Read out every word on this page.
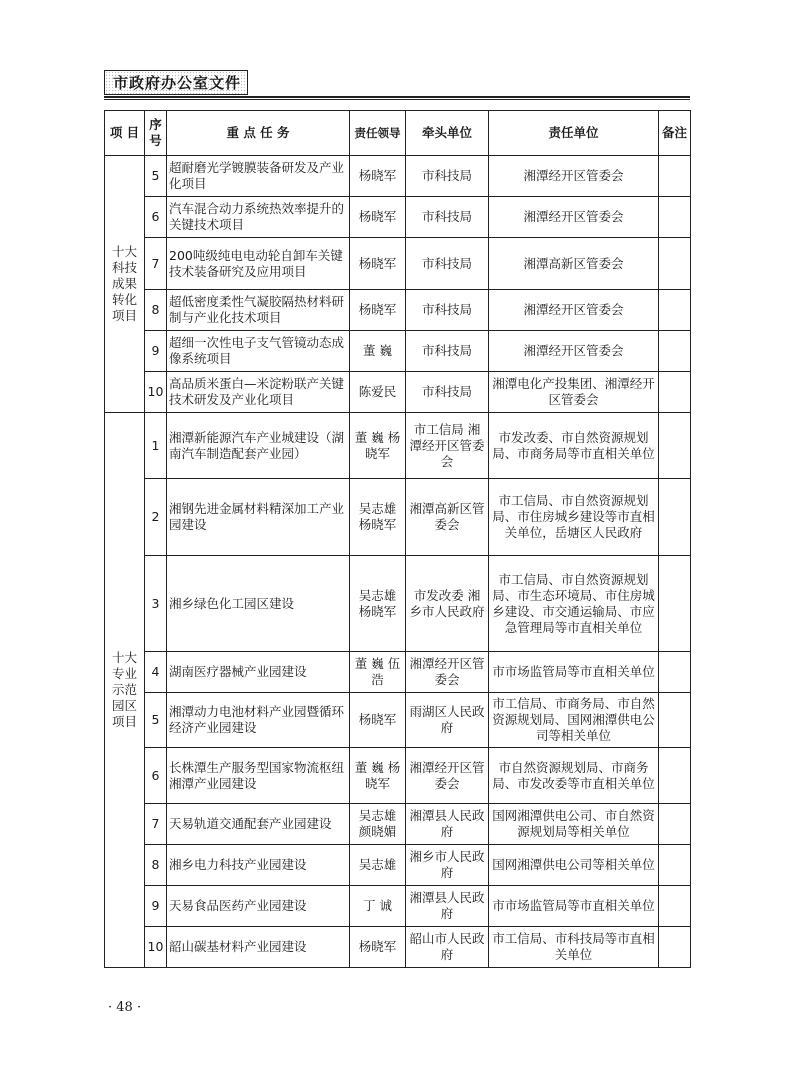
市政府办公室文件
项 目	序号	重 点 任 务	责任领导	牵头单位	责任单位	备注
十大科技成果转化项目	5	超耐磨光学镀膜装备研发及产业化项目	杨晓军	市科技局	湘潭经开区管委会	
	6	汽车混合动力系统热效率提升的关键技术项目	杨晓军	市科技局	湘潭经开区管委会	
	7	200吨级纯电电动轮自卸车关键技术装备研究及应用项目	杨晓军	市科技局	湘潭高新区管委会	
	8	超低密度柔性气凝胶隔热材料研制与产业化技术项目	杨晓军	市科技局	湘潭经开区管委会	
	9	超细一次性电子支气管镜动态成像系统项目	董 巍	市科技局	湘潭经开区管委会	
	10	高品质米蛋白—米淀粉联产关键技术研发及产业化项目	陈爱民	市科技局	湘潭电化产投集团、湘潭经开区管委会	
十大专业示范园区项目	1	湘潭新能源汽车产业城建设（湖南汽车制造配套产业园）	董 巍 杨晓军	市工信局 湘潭经开区管委会	市发改委、市自然资源规划局、市商务局等市直相关单位	
	2	湘钢先进金属材料精深加工产业园建设	吴志雄 杨晓军	湘潭高新区管委会	市工信局、市自然资源规划局、市住房城乡建设等市直相关单位，岳塘区人民政府	
	3	湘乡绿色化工园区建设	吴志雄 杨晓军	市发改委 湘乡市人民政府	市工信局、市自然资源规划局、市生态环境局、市住房城乡建设、市交通运输局、市应急管理局等市直相关单位	
	4	湖南医疗器械产业园建设	董 巍 伍 浩	湘潭经开区管委会	市市场监管局等市直相关单位	
	5	湘潭动力电池材料产业园暨循环经济产业园建设	杨晓军	雨湖区人民政府	市工信局、市商务局、市自然资源规划局、国网湘潭供电公司等相关单位	
	6	长株潭生产服务型国家物流枢纽湘潭产业园建设	董 巍 杨晓军	湘潭经开区管委会	市自然资源规划局、市商务局、市发改委等市直相关单位	
	7	天易轨道交通配套产业园建设	吴志雄 颜晓媚	湘潭县人民政府	国网湘潭供电公司、市自然资源规划局等相关单位	
	8	湘乡电力科技产业园建设	吴志雄	湘乡市人民政府	国网湘潭供电公司等相关单位	
	9	天易食品医药产业园建设	丁 诚	湘潭县人民政府	市市场监管局等市直相关单位	
	10	韶山碳基材料产业园建设	杨晓军	韶山市人民政府	市工信局、市科技局等市直相关单位	
· 48 ·
